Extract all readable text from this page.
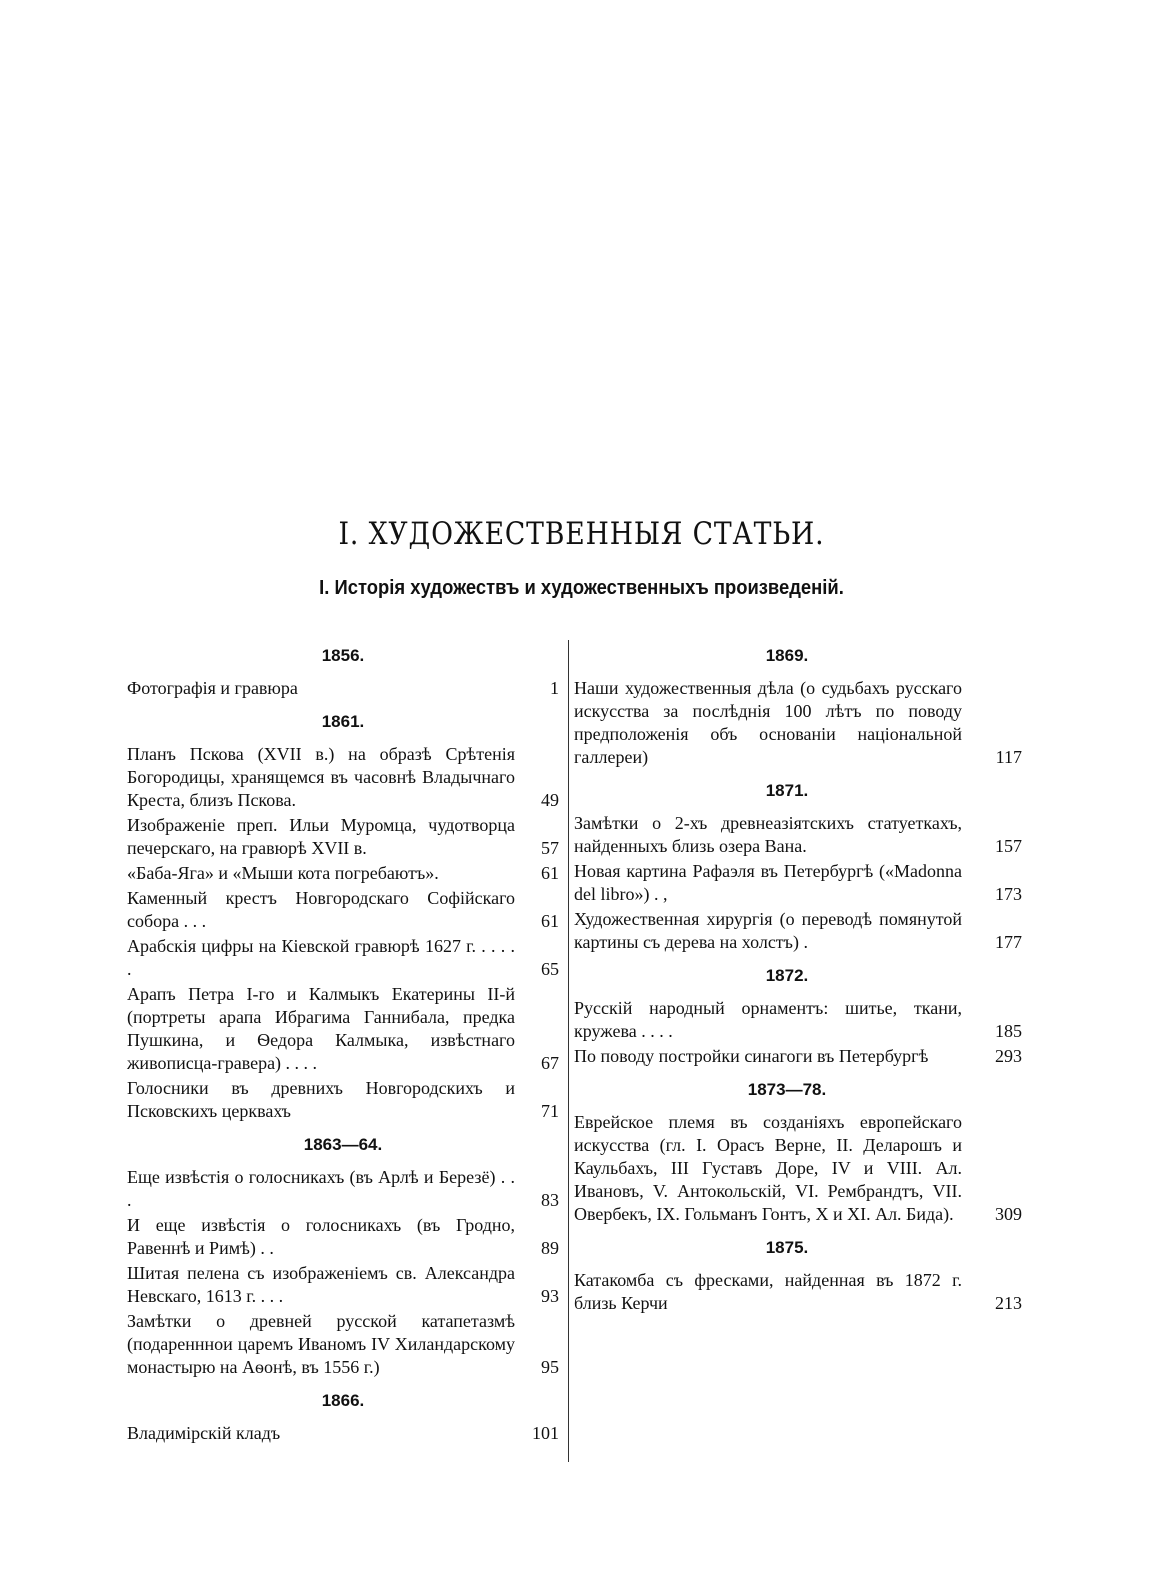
I. ХУДОЖЕСТВЕННЫЯ СТАТЬИ.
I. Исторія художествъ и художественныхъ произведеній.
1856.
Фотографія и гравюра	1
1861.
Планъ Пскова (XVII в.) на образѣ Срѣтенія Богородицы, хранящемся въ часовнѣ Владычнаго Креста, близъ Пскова.	49
Изображеніе преп. Ильи Муромца, чудотворца печерскаго, на гравюрѣ XVII в.	57
«Баба-Яга» и «Мыши кота погребаютъ».	61
Каменный крестъ Новгородскаго Софійскаго собора . . .	61
Арабскія цифры на Кіевской гравюрѣ 1627 г. . . . . .	65
Арапъ Петра I-го и Калмыкъ Екатерины II-й (портреты арапа Ибрагима Ганнибала, предка Пушкина, и Ѳедора Калмыка, извѣстнаго живописца-гравера) . . . .	67
Голосники въ древнихъ Новгородскихъ и Псковскихъ церквахъ	71
1863—64.
Еще извѣстія о голосникахъ (въ Арлѣ и Березё) . . .	83
И еще извѣстія о голосникахъ (въ Гродно, Равеннѣ и Римѣ) . .	89
Шитая пелена съ изображеніемъ св. Александра Невскаго, 1613 г. . . .	93
Замѣтки о древней русской катапетазмѣ (подаренннои царемъ Иваномъ IV Хиландарскому монастырю на Аѳонѣ, въ 1556 г.)	95
1866.
Владимірскій кладъ	101
1869.
Наши художественныя дѣла (о судьбахъ русскаго искусства за послѣднія 100 лѣтъ по поводу предположенія объ основаніи національной галлереи)	117
1871.
Замѣтки о 2-хъ древнеазіятскихъ статуеткахъ, найденныхъ близь озера Вана.	157
Новая картина Рафаэля въ Петербургѣ («Madonna del libro») . ,	173
Художественная хирургія (о переводѣ помянутой картины съ дерева на холстъ) .	177
1872.
Русскій народный орнаментъ: шитье, ткани, кружева . . . .	185
По поводу постройки синагоги въ Петербургѣ	293
1873—78.
Еврейское племя въ созданіяхъ европейскаго искусства (гл. I. Орасъ Верне, II. Деларошъ и Каульбахъ, III Густавъ Доре, IV и VIII. Ал. Ивановъ, V. Антокольскій, VI. Рембрандтъ, VII. Овербекъ, IX. Гольманъ Гонтъ, X и XI. Ал. Бида).	309
1875.
Катакомба съ фресками, найденная въ 1872 г. близь Керчи	213
